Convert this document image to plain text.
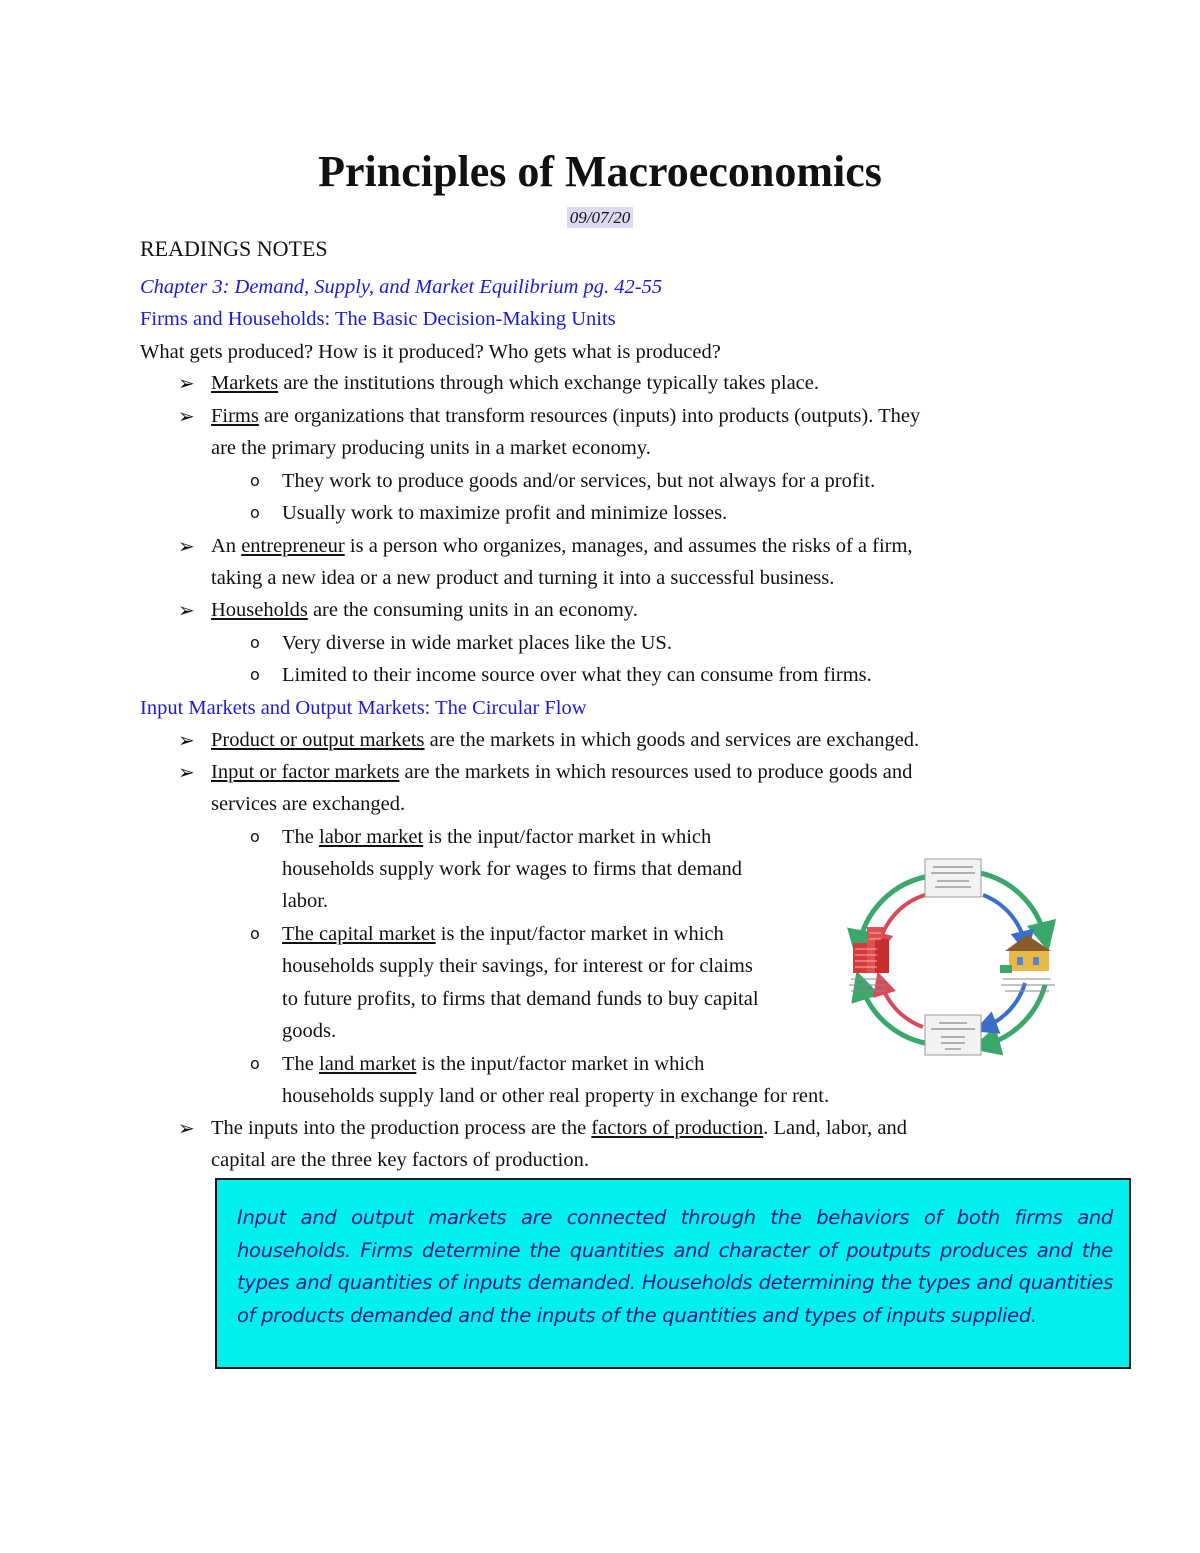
Principles of Macroeconomics
09/07/20
READINGS NOTES
Chapter 3: Demand, Supply, and Market Equilibrium pg. 42-55
Firms and Households: The Basic Decision-Making Units
What gets produced? How is it produced? Who gets what is produced?
➢ Markets are the institutions through which exchange typically takes place.
➢ Firms are organizations that transform resources (inputs) into products (outputs). They
are the primary producing units in a market economy.
o They work to produce goods and/or services, but not always for a profit.
o Usually work to maximize profit and minimize losses.
➢ An entrepreneur is a person who organizes, manages, and assumes the risks of a firm,
taking a new idea or a new product and turning it into a successful business.
➢ Households are the consuming units in an economy.
o Very diverse in wide market places like the US.
o Limited to their income source over what they can consume from firms.
Input Markets and Output Markets: The Circular Flow
➢ Product or output markets are the markets in which goods and services are exchanged.
➢ Input or factor markets are the markets in which resources used to produce goods and
services are exchanged.
o The labor market is the input/factor market in which
households supply work for wages to firms that demand
labor.
o The capital market is the input/factor market in which
households supply their savings, for interest or for claims
to future profits, to firms that demand funds to buy capital
goods.
o The land market is the input/factor market in which
households supply land or other real property in exchange for rent.
➢ The inputs into the production process are the factors of production. Land, labor, and
capital are the three key factors of production.
Input and output markets are connected through the behaviors of both firms and households. Firms determine the quantities and character of poutputs produces and the types and quantities of inputs demanded. Households determining the types and quantities of products demanded and the inputs of the quantities and types of inputs supplied.
